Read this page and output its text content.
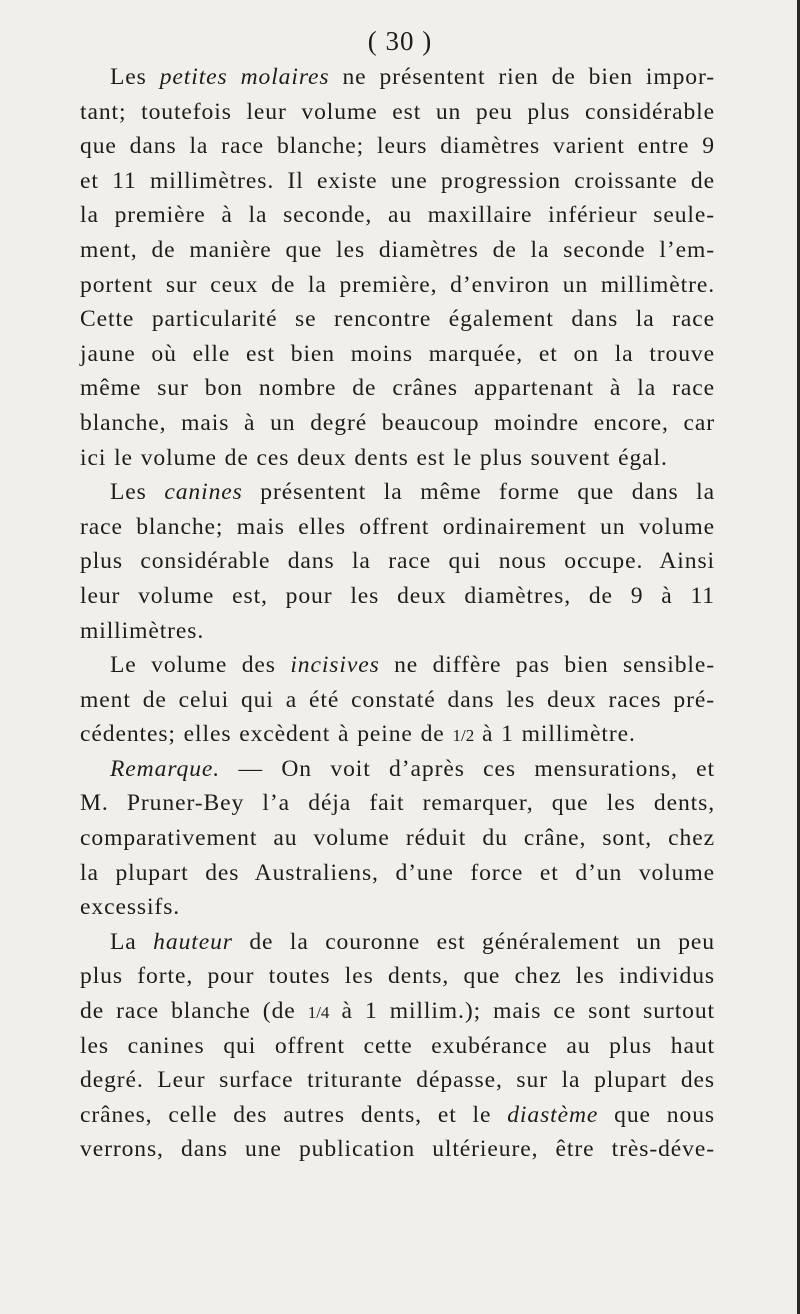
( 30 )
Les petites molaires ne présentent rien de bien impor-
tant; toutefois leur volume est un peu plus considérable
que dans la race blanche; leurs diamètres varient entre 9
et 11 millimètres. Il existe une progression croissante de
la première à la seconde, au maxillaire inférieur seule-
ment, de manière que les diamètres de la seconde l’em-
portent sur ceux de la première, d’environ un millimètre.
Cette particularité se rencontre également dans la race
jaune où elle est bien moins marquée, et on la trouve
même sur bon nombre de crânes appartenant à la race
blanche, mais à un degré beaucoup moindre encore, car
ici le volume de ces deux dents est le plus souvent égal.
Les canines présentent la même forme que dans la
race blanche; mais elles offrent ordinairement un volume
plus considérable dans la race qui nous occupe. Ainsi
leur volume est, pour les deux diamètres, de 9 à 11
millimètres.
Le volume des incisives ne diffère pas bien sensible-
ment de celui qui a été constaté dans les deux races pré-
cédentes; elles excèdent à peine de 1/2 à 1 millimètre.
Remarque. — On voit d’après ces mensurations, et
M. Pruner-Bey l’a déja fait remarquer, que les dents,
comparativement au volume réduit du crâne, sont, chez
la plupart des Australiens, d’une force et d’un volume
excessifs.
La hauteur de la couronne est généralement un peu
plus forte, pour toutes les dents, que chez les individus
de race blanche (de 1/4 à 1 millim.); mais ce sont surtout
les canines qui offrent cette exubérance au plus haut
degré. Leur surface triturante dépasse, sur la plupart des
crânes, celle des autres dents, et le diastème que nous
verrons, dans une publication ultérieure, être très-déve-
